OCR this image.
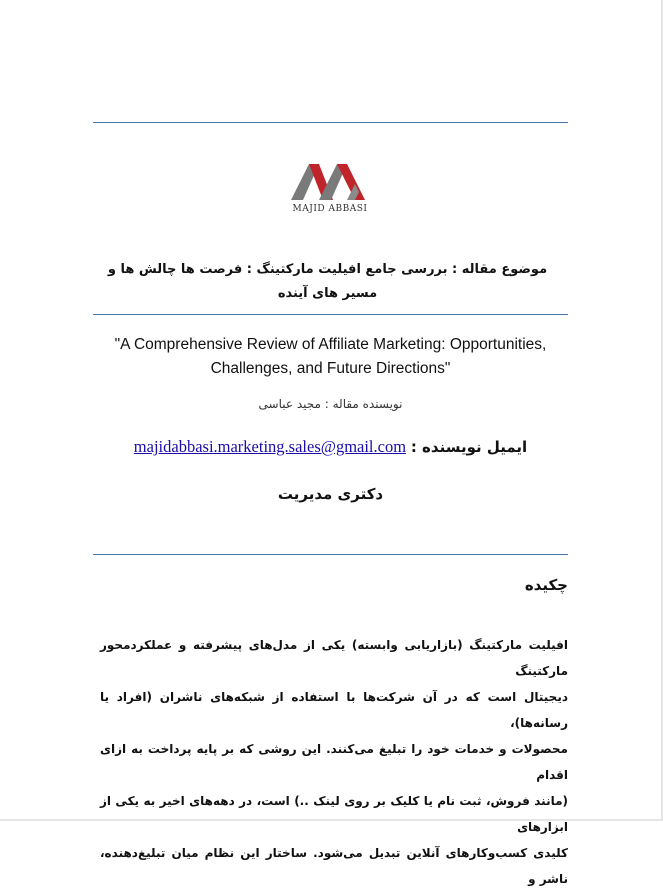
MAJID ABBASI
موضوع مقاله : بررسی جامع افیلیت مارکتینگ : فرصت ها چالش ها و مسیر های آینده
"A Comprehensive Review of Affiliate Marketing: Opportunities, Challenges, and Future Directions"
نویسنده مقاله : مجید عباسی
majidabbasi.marketing.sales@gmail.com ایمیل نویسنده :
دکتری مدیریت
چکیده
افیلیت مارکتینگ (بازاریابی وابسته) یکی از مدل‌های پیشرفته و عملکردمحور مارکتینگ
دیجیتال است که در آن شرکت‌ها با استفاده از شبکه‌های ناشران (افراد یا رسانه‌ها)،
محصولات و خدمات خود را تبلیغ می‌کنند. این روشی که بر پایه پرداخت به ازای اقدام
(مانند فروش، ثبت نام یا کلیک بر روی لینک ..) است، در دهه‌های اخیر به یکی از ابزارهای
کلیدی کسب‌وکارهای آنلاین تبدیل می‌شود. ساختار این نظام میان تبلیغ‌دهنده، ناشر و
